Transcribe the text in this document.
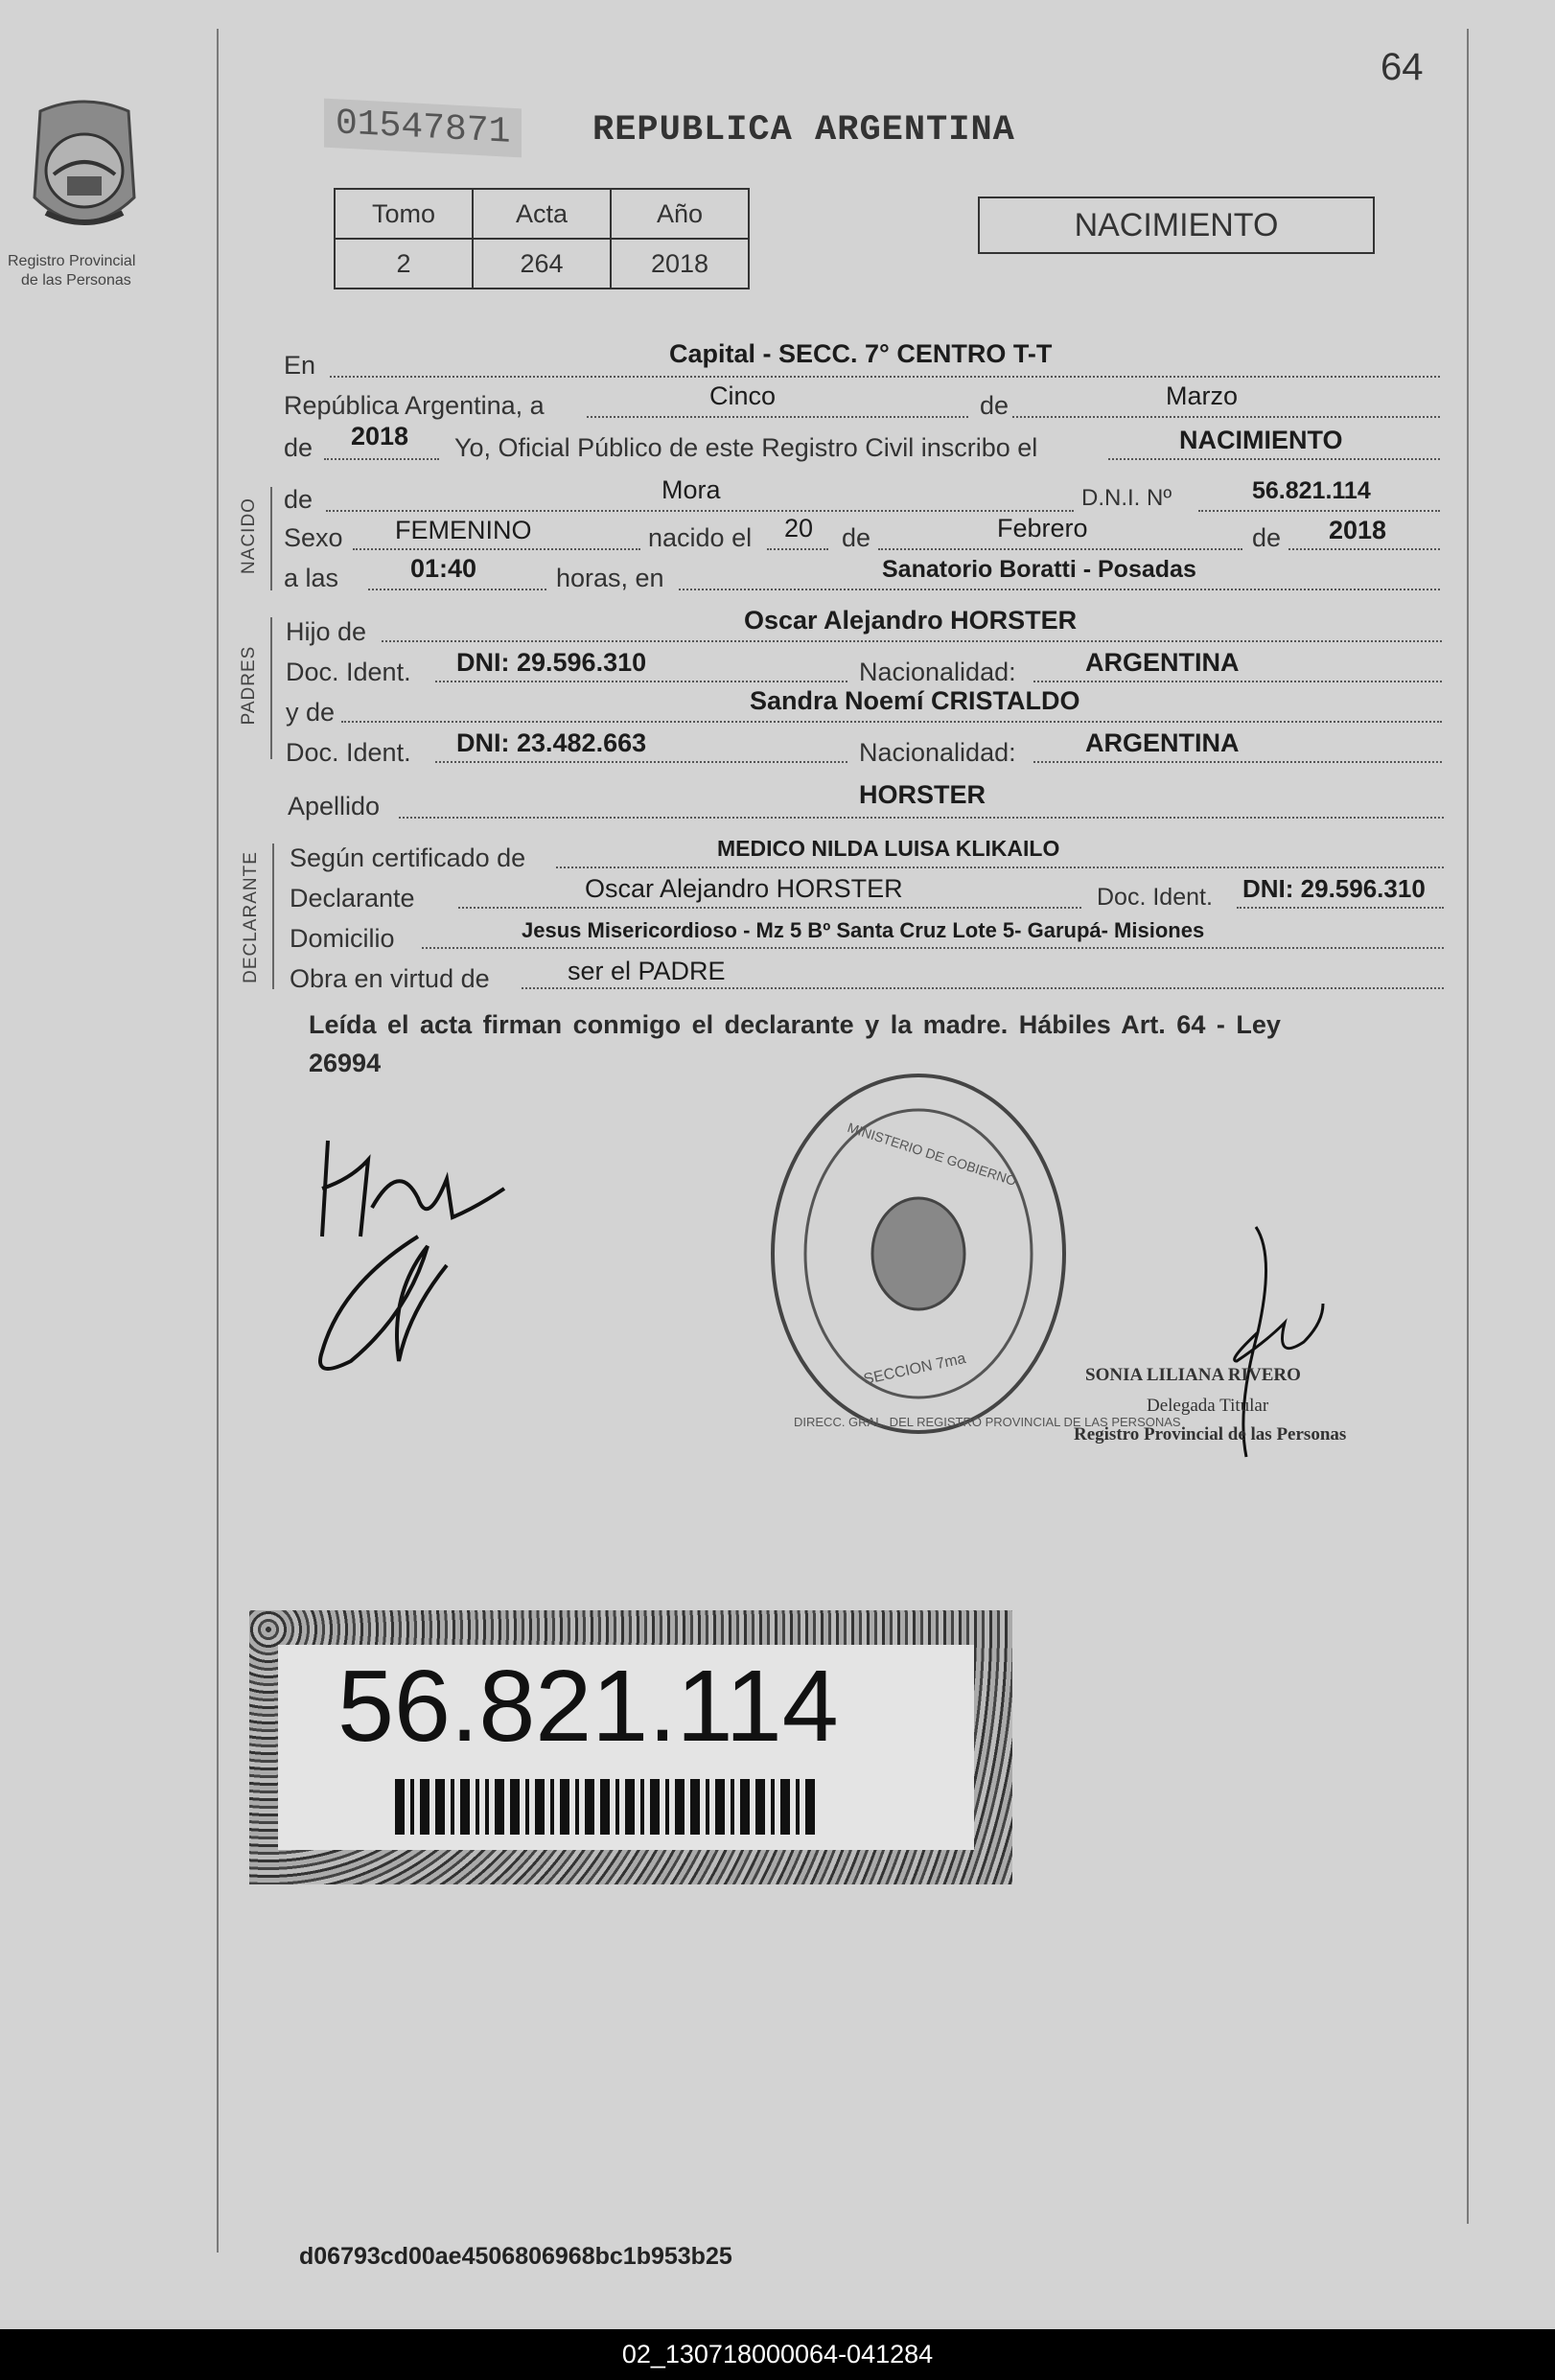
64
Registro Provincial
de las Personas
01547871	REPUBLICA ARGENTINA
Tomo	Acta	Año
2	264	2018
NACIMIENTO
En	Capital - SECC. 7° CENTRO T-T
República Argentina, a	Cinco	de	Marzo
de 2018 Yo, Oficial Público de este Registro Civil inscribo el	NACIMIENTO
NACIDO de	Mora	D.N.I. Nº	56.821.114
Sexo FEMENINO	nacido el 20 de	Febrero	de 2018
a las	01:40	horas, en	Sanatorio Boratti - Posadas
PADRES
Hijo de	Oscar Alejandro HORSTER
Doc. Ident. DNI: 29.596.310	Nacionalidad:	ARGENTINA
y de	Sandra Noemí CRISTALDO
Doc. Ident. DNI: 23.482.663	Nacionalidad:	ARGENTINA
Apellido	HORSTER
DECLARANTE Según certificado de	MEDICO NILDA LUISA KLIKAILO
Declarante	Oscar Alejandro HORSTER	Doc. Ident. DNI: 29.596.310
Domicilio	Jesus Misericordioso - Mz 5 Bº Santa Cruz Lote 5- Garupá- Misiones
Obra en virtud de	ser el PADRE
Leída el acta firman conmigo el declarante y la madre. Hábiles Art. 64 - Ley
26994
DIRECC. GRAL. DEL REGISTRO PROVINCIAL DE LAS PERSONAS
MINISTERIO DE GOBIERNO
SECCION 7ma	SONIA LILIANA RIVERO
Delegada Titular
Registro Provincial de las Personas
56.821.114
d06793cd00ae4506806968bc1b953b25
02_130718000064-041284
